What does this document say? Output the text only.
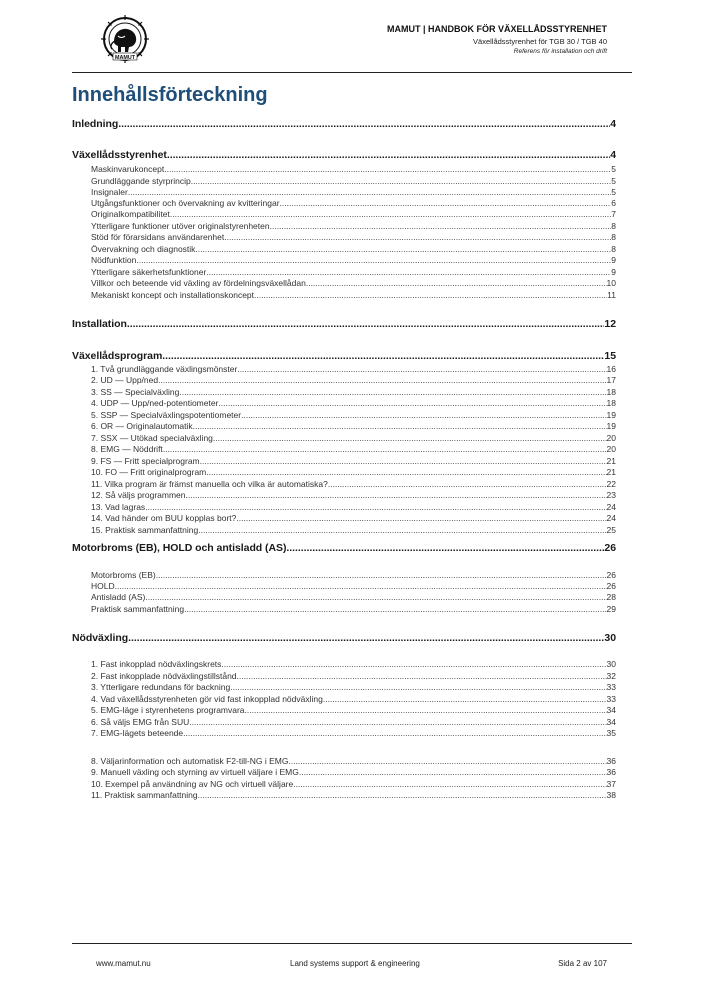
MAMUT
MAMUT | HANDBOK FÖR VÄXELLÅDSSTYRENHET
Växellådsstyrenhet för TGB 30 / TGB 40
Referens för installation och drift
Innehållsförteckning
Inledning .....	4
Växellådsstyrenhet .....	4
Maskinvarukoncept .....	5
Grundläggande styrprincip .....	5
Insignaler .....	5
Utgångsfunktioner och övervakning av kvitteringar .....	6
Originalkompatibilitet .....	7
Ytterligare funktioner utöver originalstyrenheten .....	8
Stöd för förarsidans användarenhet .....	8
Övervakning och diagnostik .....	8
Nödfunktion .....	9
Ytterligare säkerhetsfunktioner .....	9
Villkor och beteende vid växling av fördelningsväxellådan .....	10
Mekaniskt koncept och installationskoncept .....	11
Installation .....	12
Växellådsprogram .....	15
1. Två grundläggande växlingsmönster .....	16
2. UD — Upp/ned .....	17
3. SS — Specialväxling .....	18
4. UDP — Upp/ned-potentiometer .....	18
5. SSP — Specialväxlingspotentiometer .....	19
6. OR — Originalautomatik .....	19
7. SSX — Utökad specialväxling .....	20
8. EMG — Nöddrift .....	20
9. FS — Fritt specialprogram .....	21
10. FO — Fritt originalprogram .....	21
11. Vilka program är främst manuella och vilka är automatiska? .....	22
12. Så väljs programmen .....	23
13. Vad lagras .....	24
14. Vad händer om BUU kopplas bort? .....	24
15. Praktisk sammanfattning .....	25
Motorbroms (EB), HOLD och antisladd (AS) .....	26
Motorbroms (EB) .....	26
HOLD .....	26
Antisladd (AS) .....	28
Praktisk sammanfattning .....	29
Nödväxling .....	30
1. Fast inkopplad nödväxlingskrets .....	30
2. Fast inkopplade nödväxlingstillstånd .....	32
3. Ytterligare redundans för backning .....	33
4. Vad växellådsstyrenheten gör vid fast inkopplad nödväxling .....	33
5. EMG-läge i styrenhetens programvara .....	34
6. Så väljs EMG från SUU .....	34
7. EMG-lägets beteende .....	35
8. Väljarinformation och automatisk F2-till-NG i EMG .....	36
9. Manuell växling och styrning av virtuell väljare i EMG .....	36
10. Exempel på användning av NG och virtuell väljare .....	37
11. Praktisk sammanfattning .....	38
www.mamut.nu	Land systems support & engineering	Sida 2 av 107
